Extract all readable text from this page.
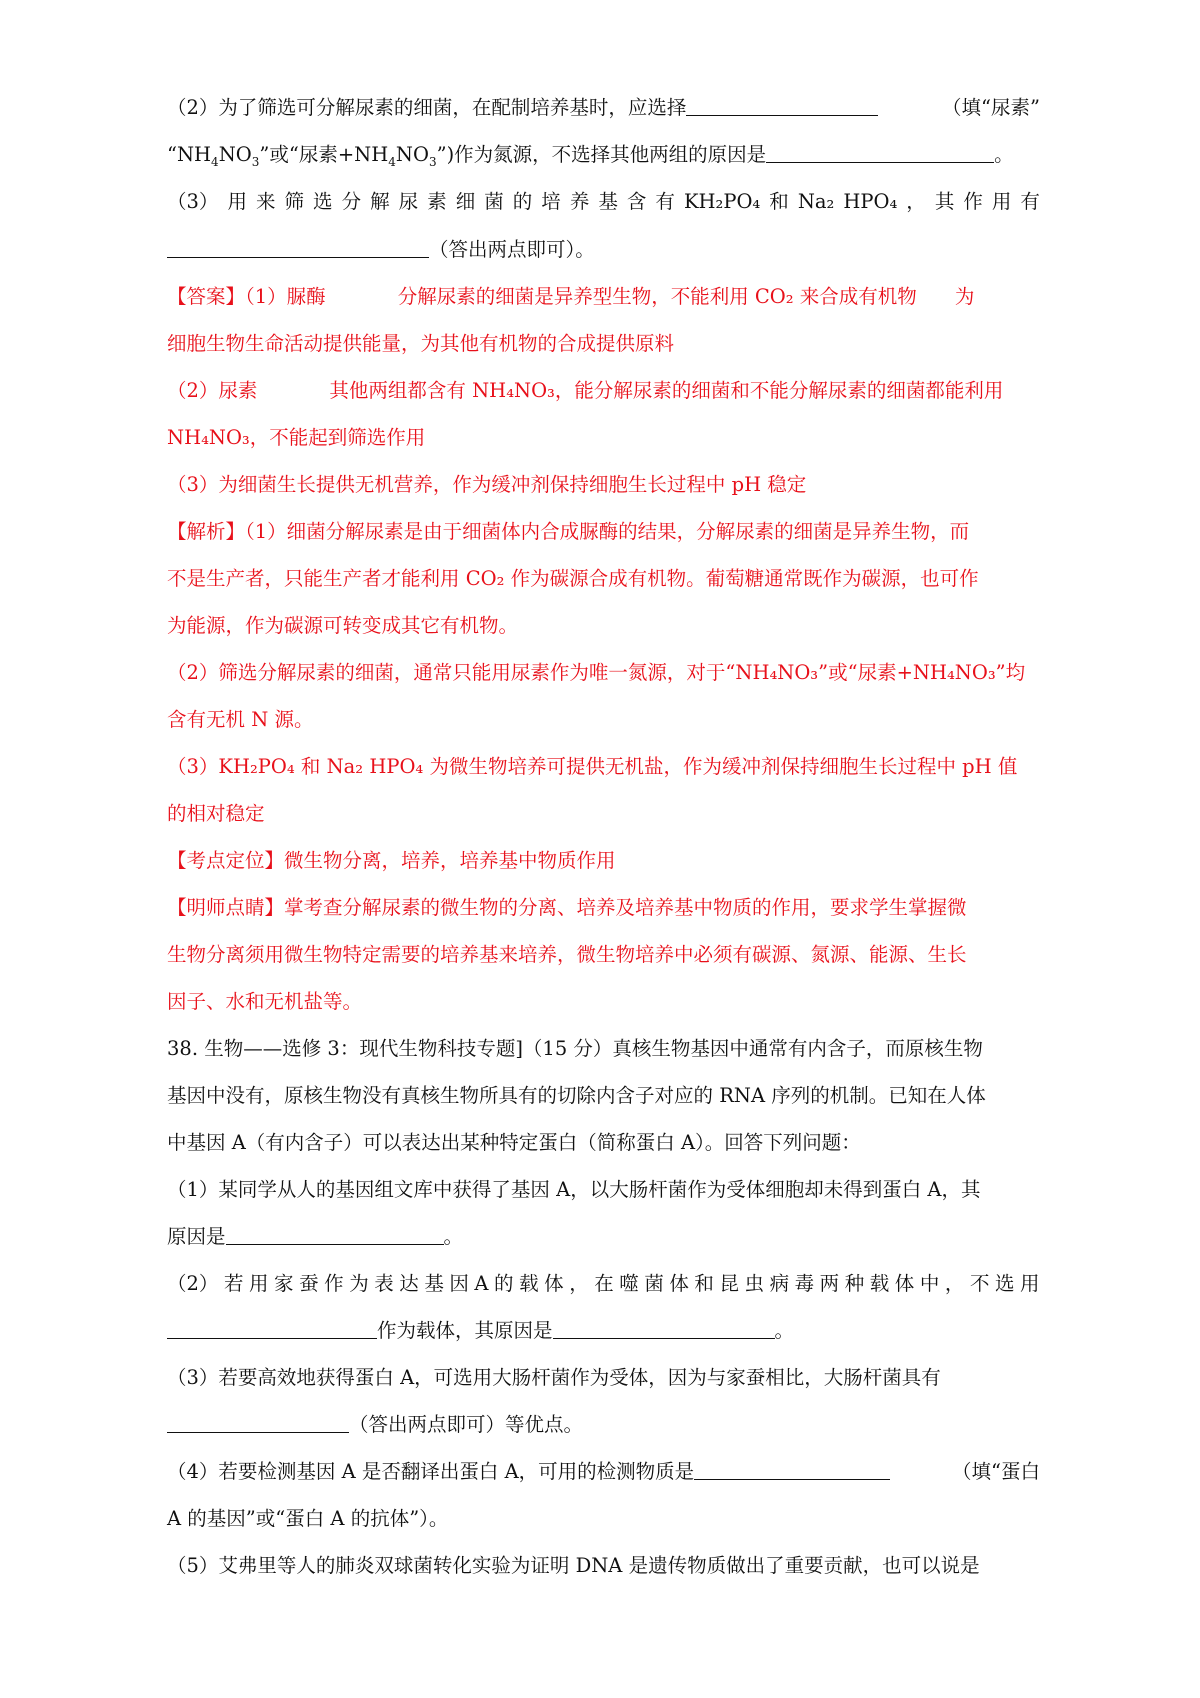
（2）为了筛选可分解尿素的细菌，在配制培养基时，应选择	（填“尿素”
“$NH_4NO_3$”或“尿素$+NH_4NO_3$”)作为氮源，不选择其他两组的原因是	。
（3） 用 来 筛 选 分 解 尿 素 细 菌 的 培 养 基 含 有 KH₂PO₄ 和 Na₂ HPO₄ ， 其 作 用 有
（答出两点即可）。
【答案】（1）脲酶	分解尿素的细菌是异养型生物，不能利用 CO₂ 来合成有机物 为
细胞生物生命活动提供能量，为其他有机物的合成提供原料
（2）尿素	其他两组都含有 NH₄NO₃，能分解尿素的细菌和不能分解尿素的细菌都能利用
NH₄NO₃，不能起到筛选作用
（3）为细菌生长提供无机营养，作为缓冲剂保持细胞生长过程中 pH 稳定
【解析】（1）细菌分解尿素是由于细菌体内合成脲酶的结果，分解尿素的细菌是异养生物，而
不是生产者，只能生产者才能利用 CO₂ 作为碳源合成有机物。葡萄糖通常既作为碳源，也可作
为能源，作为碳源可转变成其它有机物。
（2）筛选分解尿素的细菌，通常只能用尿素作为唯一氮源，对于“NH₄NO₃”或“尿素+NH₄NO₃”均
含有无机 N 源。
（3）KH₂PO₄ 和 Na₂ HPO₄ 为微生物培养可提供无机盐，作为缓冲剂保持细胞生长过程中 pH 值
的相对稳定
【考点定位】微生物分离，培养，培养基中物质作用
【明师点睛】掌考查分解尿素的微生物的分离、培养及培养基中物质的作用，要求学生掌握微
生物分离须用微生物特定需要的培养基来培养，微生物培养中必须有碳源、氮源、能源、生长
因子、水和无机盐等。
38. 生物——选修 3：现代生物科技专题]（15 分）真核生物基因中通常有内含子，而原核生物
基因中没有，原核生物没有真核生物所具有的切除内含子对应的 RNA 序列的机制。已知在人体
中基因 A（有内含子）可以表达出某种特定蛋白（简称蛋白 A）。回答下列问题：
（1）某同学从人的基因组文库中获得了基因 A，以大肠杆菌作为受体细胞却未得到蛋白 A，其
原因是	。
（2） 若 用 家 蚕 作 为 表 达 基 因 A 的 载 体 ， 在 噬 菌 体 和 昆 虫 病 毒 两 种 载 体 中 ， 不 选 用
作为载体，其原因是	。
（3）若要高效地获得蛋白 A，可选用大肠杆菌作为受体，因为与家蚕相比，大肠杆菌具有
（答出两点即可）等优点。
（4）若要检测基因 A 是否翻译出蛋白 A，可用的检测物质是	（填“蛋白
A 的基因”或“蛋白 A 的抗体”）。
（5）艾弗里等人的肺炎双球菌转化实验为证明 DNA 是遗传物质做出了重要贡献，也可以说是
